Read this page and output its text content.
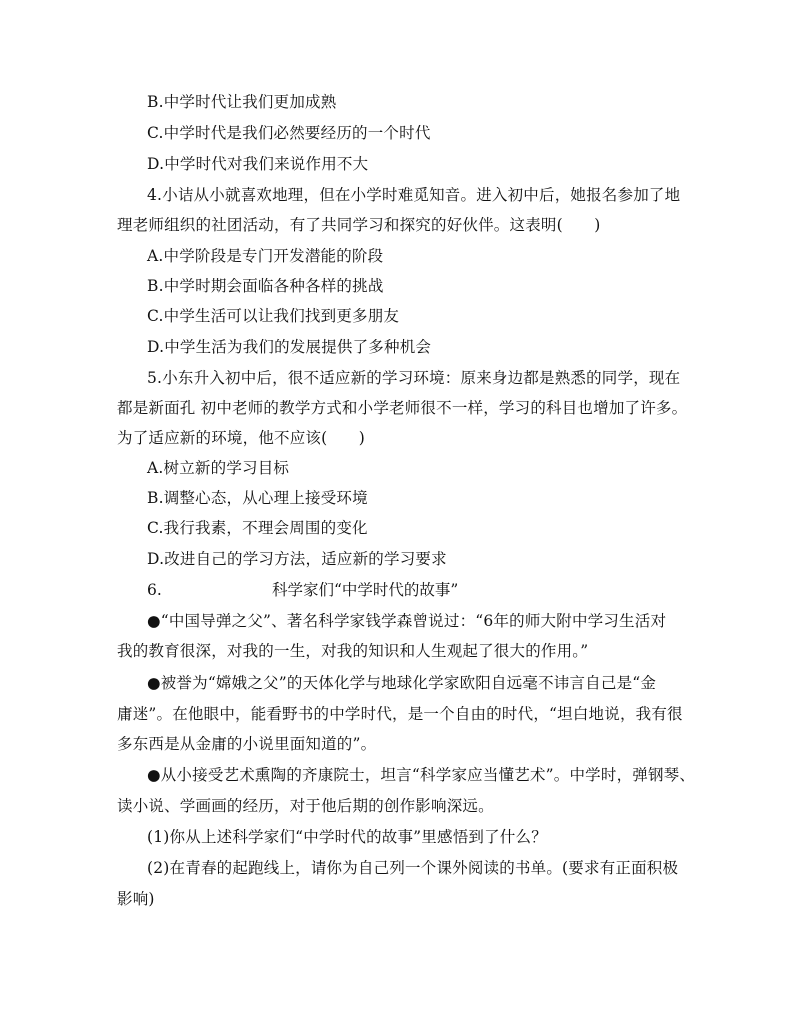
B.中学时代让我们更加成熟
C.中学时代是我们必然要经历的一个时代
D.中学时代对我们来说作用不大
4.小诘从小就喜欢地理，但在小学时难觅知音。进入初中后，她报名参加了地
理老师组织的社团活动，有了共同学习和探究的好伙伴。这表明(　　)
A.中学阶段是专门开发潜能的阶段
B.中学时期会面临各种各样的挑战
C.中学生活可以让我们找到更多朋友
D.中学生活为我们的发展提供了多种机会
5.小东升入初中后，很不适应新的学习环境：原来身边都是熟悉的同学，现在
都是新面孔 初中老师的教学方式和小学老师很不一样，学习的科目也增加了许多。
为了适应新的环境，他不应该(　　)
A.树立新的学习目标
B.调整心态，从心理上接受环境
C.我行我素，不理会周围的变化
D.改进自己的学习方法，适应新的学习要求
6.	科学家们“中学时代的故事”
●“中国导弹之父”、著名科学家钱学森曾说过：“6年的师大附中学习生活对
我的教育很深，对我的一生，对我的知识和人生观起了很大的作用。”
●被誉为“嫦娥之父”的天体化学与地球化学家欧阳自远毫不讳言自己是“金
庸迷”。在他眼中，能看野书的中学时代，是一个自由的时代，“坦白地说，我有很
多东西是从金庸的小说里面知道的”。
●从小接受艺术熏陶的齐康院士，坦言“科学家应当懂艺术”。中学时，弹钢琴、
读小说、学画画的经历，对于他后期的创作影响深远。
(1)你从上述科学家们“中学时代的故事”里感悟到了什么？
(2)在青春的起跑线上，请你为自己列一个课外阅读的书单。(要求有正面积极
影响)
